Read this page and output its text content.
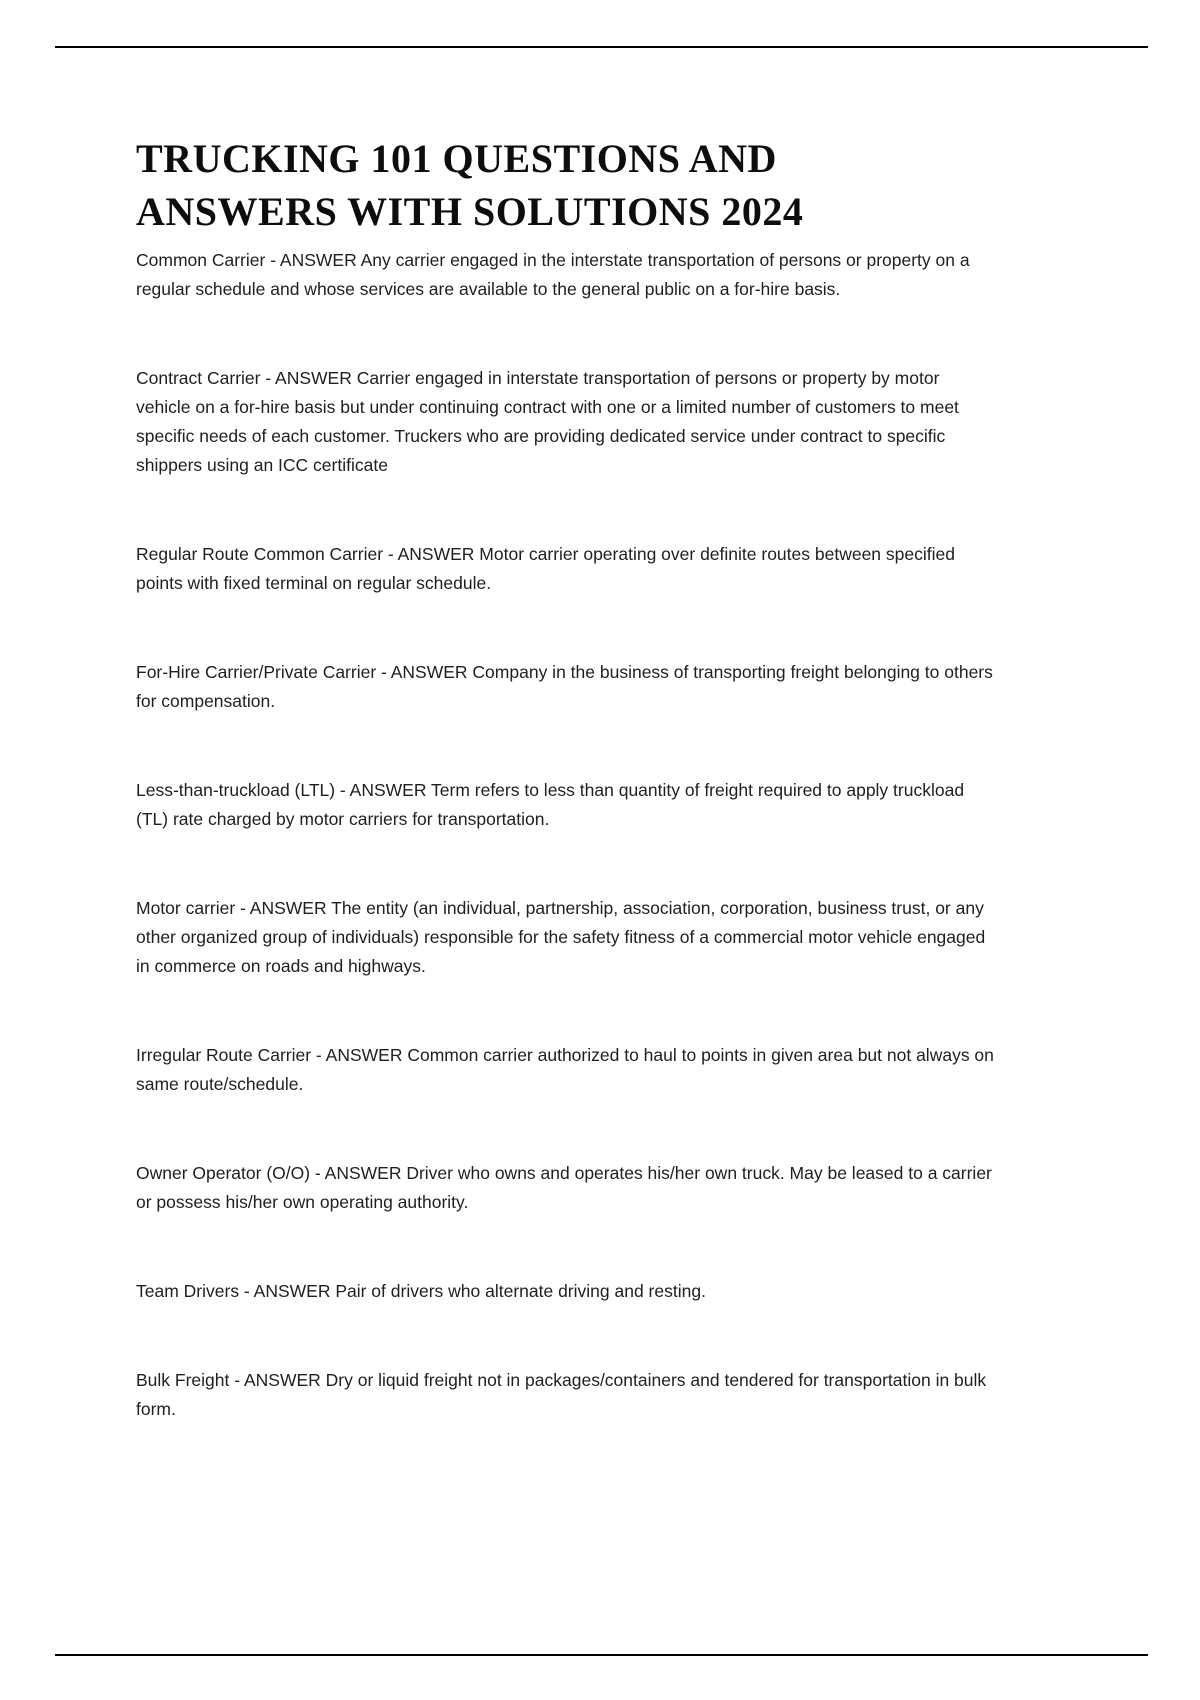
TRUCKING 101 QUESTIONS AND
ANSWERS WITH SOLUTIONS 2024

Common Carrier - ANSWER Any carrier engaged in the interstate transportation of persons or property on a regular schedule and whose services are available to the general public on a for-hire basis.

Contract Carrier - ANSWER Carrier engaged in interstate transportation of persons or property by motor vehicle on a for-hire basis but under continuing contract with one or a limited number of customers to meet specific needs of each customer. Truckers who are providing dedicated service under contract to specific shippers using an ICC certificate

Regular Route Common Carrier - ANSWER Motor carrier operating over definite routes between specified points with fixed terminal on regular schedule.

For-Hire Carrier/Private Carrier - ANSWER Company in the business of transporting freight belonging to others for compensation.

Less-than-truckload (LTL) - ANSWER Term refers to less than quantity of freight required to apply truckload (TL) rate charged by motor carriers for transportation.

Motor carrier - ANSWER The entity (an individual, partnership, association, corporation, business trust, or any other organized group of individuals) responsible for the safety fitness of a commercial motor vehicle engaged in commerce on roads and highways.

Irregular Route Carrier - ANSWER Common carrier authorized to haul to points in given area but not always on same route/schedule.

Owner Operator (O/O) - ANSWER Driver who owns and operates his/her own truck. May be leased to a carrier or possess his/her own operating authority.

Team Drivers - ANSWER Pair of drivers who alternate driving and resting.

Bulk Freight - ANSWER Dry or liquid freight not in packages/containers and tendered for transportation in bulk form.
